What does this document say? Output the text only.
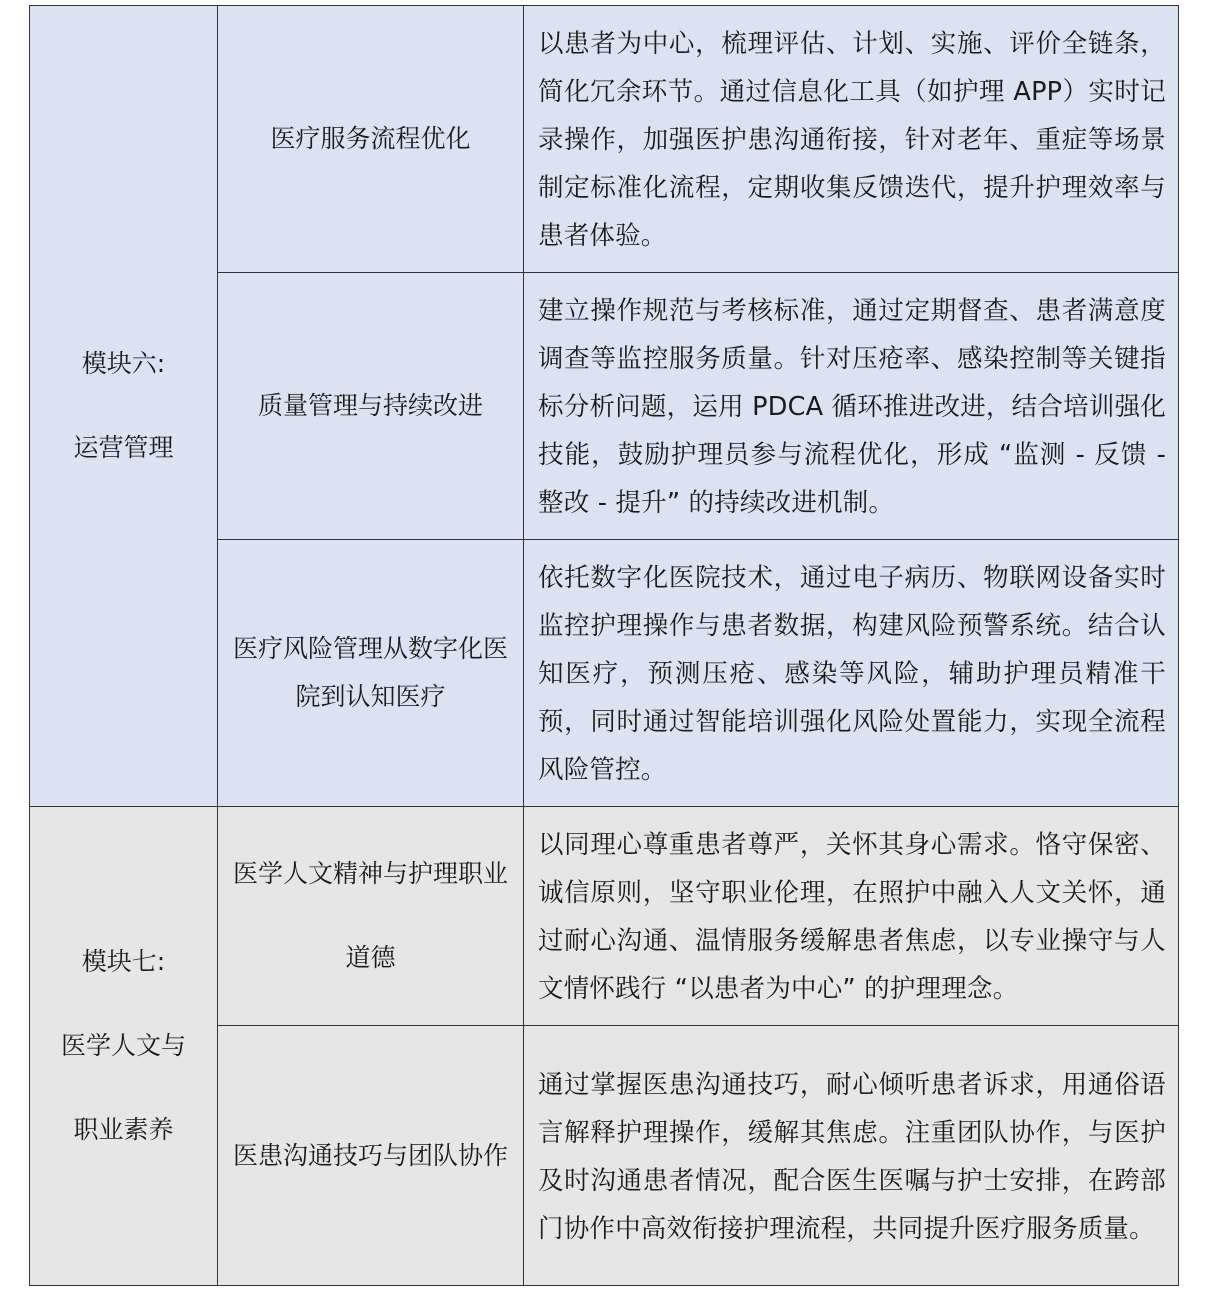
模块六:
运营管理	医疗服务流程优化	以患者为中心，梳理评估、计划、实施、评价全链条，简化冗余环节。通过信息化工具（如护理 APP）实时记录操作，加强医护患沟通衔接，针对老年、重症等场景制定标准化流程，定期收集反馈迭代，提升护理效率与患者体验。
	质量管理与持续改进	建立操作规范与考核标准，通过定期督查、患者满意度调查等监控服务质量。针对压疮率、感染控制等关键指标分析问题，运用 PDCA 循环推进改进，结合培训强化技能，鼓励护理员参与流程优化，形成 “监测 - 反馈 - 整改 - 提升” 的持续改进机制。
	医疗风险管理从数字化医院到认知医疗	依托数字化医院技术，通过电子病历、物联网设备实时监控护理操作与患者数据，构建风险预警系统。结合认知医疗，预测压疮、感染等风险，辅助护理员精准干预，同时通过智能培训强化风险处置能力，实现全流程风险管控。

模块七:
医学人文与
职业素养	医学人文精神与护理职业道德	以同理心尊重患者尊严，关怀其身心需求。恪守保密、诚信原则，坚守职业伦理，在照护中融入人文关怀，通过耐心沟通、温情服务缓解患者焦虑，以专业操守与人文情怀践行 “以患者为中心” 的护理理念。
	医患沟通技巧与团队协作	通过掌握医患沟通技巧，耐心倾听患者诉求，用通俗语言解释护理操作，缓解其焦虑。注重团队协作，与医护及时沟通患者情况，配合医生医嘱与护士安排，在跨部门协作中高效衔接护理流程，共同提升医疗服务质量。
